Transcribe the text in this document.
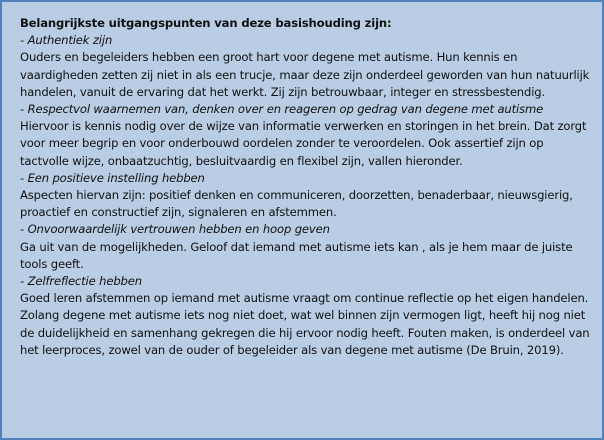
Belangrijkste uitgangspunten van deze basishouding zijn:
- Authentiek zijn
Ouders en begeleiders hebben een groot hart voor degene met autisme. Hun kennis en vaardigheden zetten zij niet in als een trucje, maar deze zijn onderdeel geworden van hun natuurlijk handelen, vanuit de ervaring dat het werkt. Zij zijn betrouwbaar, integer en stressbestendig.
- Respectvol waarnemen van, denken over en reageren op gedrag van degene met autisme
Hiervoor is kennis nodig over de wijze van informatie verwerken en storingen in het brein. Dat zorgt voor meer begrip en voor onderbouwd oordelen zonder te veroordelen. Ook assertief zijn op tactvolle wijze, onbaatzuchtig, besluitvaardig en flexibel zijn, vallen hieronder.
- Een positieve instelling hebben
Aspecten hiervan zijn: positief denken en communiceren, doorzetten, benaderbaar, nieuwsgierig, proactief en constructief zijn, signaleren en afstemmen.
- Onvoorwaardelijk vertrouwen hebben en hoop geven
Ga uit van de mogelijkheden. Geloof dat iemand met autisme iets kan , als je hem maar de juiste tools geeft.
- Zelfreflectie hebben
Goed leren afstemmen op iemand met autisme vraagt om continue reflectie op het eigen handelen. Zolang degene met autisme iets nog niet doet, wat wel binnen zijn vermogen ligt, heeft hij nog niet de duidelijkheid en samenhang gekregen die hij ervoor nodig heeft. Fouten maken, is onderdeel van het leerproces, zowel van de ouder of begeleider als van degene met autisme (De Bruin, 2019).
